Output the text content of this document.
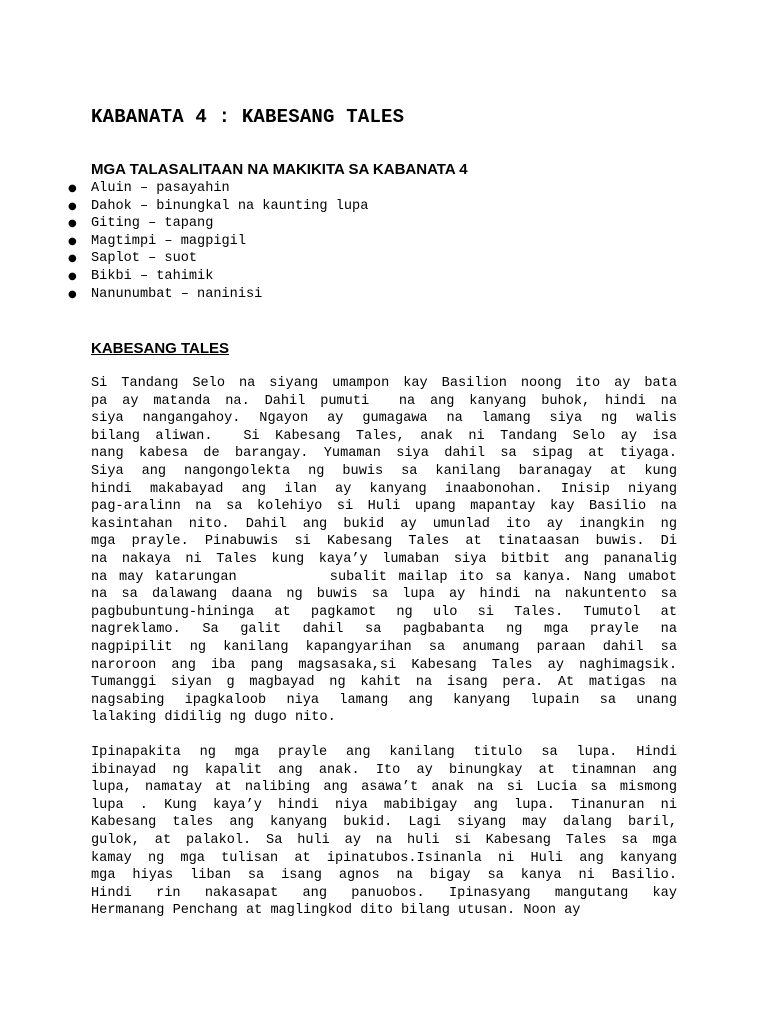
KABANATA 4 : KABESANG TALES
MGA TALASALITAAN NA MAKIKITA SA KABANATA 4
● Aluin – pasayahin
● Dahok – binungkal na kaunting lupa
● Giting – tapang
● Magtimpi – magpigil
● Saplot – suot
● Bikbi – tahimik
● Nanunumbat – naninisi
KABESANG TALES

Si Tandang Selo na siyang umampon kay Basilion noong ito ay bata
pa ay matanda na. Dahil pumuti  na ang kanyang buhok, hindi na
siya nangangahoy. Ngayon ay gumagawa na lamang siya ng walis
bilang aliwan.  Si Kabesang Tales, anak ni Tandang Selo ay isa
nang kabesa de barangay. Yumaman siya dahil sa sipag at tiyaga.
Siya ang nangongolekta ng buwis sa kanilang baranagay at kung
hindi makabayad ang ilan ay kanyang inaabonohan. Inisip niyang
pag-aralinn na sa kolehiyo si Huli upang mapantay kay Basilio na
kasintahan nito. Dahil ang bukid ay umunlad ito ay inangkin ng
mga prayle. Pinabuwis si Kabesang Tales at tinataasan buwis. Di
na nakaya ni Tales kung kaya’y lumaban siya bitbit ang pananalig
na may katarungan        subalit mailap ito sa kanya. Nang umabot
na sa dalawang daana ng buwis sa lupa ay hindi na nakuntento sa
pagbubuntung-hininga at pagkamot ng ulo si Tales. Tumutol at
nagreklamo. Sa galit dahil sa pagbabanta ng mga prayle na
nagpipilit ng kanilang kapangyarihan sa anumang paraan dahil sa
naroroon ang iba pang magsasaka,si Kabesang Tales ay naghimagsik.
Tumanggi siyan g magbayad ng kahit na isang pera. At matigas na
nagsabing ipagkaloob niya lamang ang kanyang lupain sa unang
lalaking didilig ng dugo nito.

Ipinapakita ng mga prayle ang kanilang titulo sa lupa. Hindi
ibinayad ng kapalit ang anak. Ito ay binungkay at tinamnan ang
lupa, namatay at nalibing ang asawa’t anak na si Lucia sa mismong
lupa . Kung kaya’y hindi niya mabibigay ang lupa. Tinanuran ni
Kabesang tales ang kanyang bukid. Lagi siyang may dalang baril,
gulok, at palakol. Sa huli ay na huli si Kabesang Tales sa mga
kamay ng mga tulisan at ipinatubos.Isinanla ni Huli ang kanyang
mga hiyas liban sa isang agnos na bigay sa kanya ni Basilio.
Hindi rin nakasapat ang panuobos. Ipinasyang mangutang kay
Hermanang Penchang at maglingkod dito bilang utusan. Noon ay
